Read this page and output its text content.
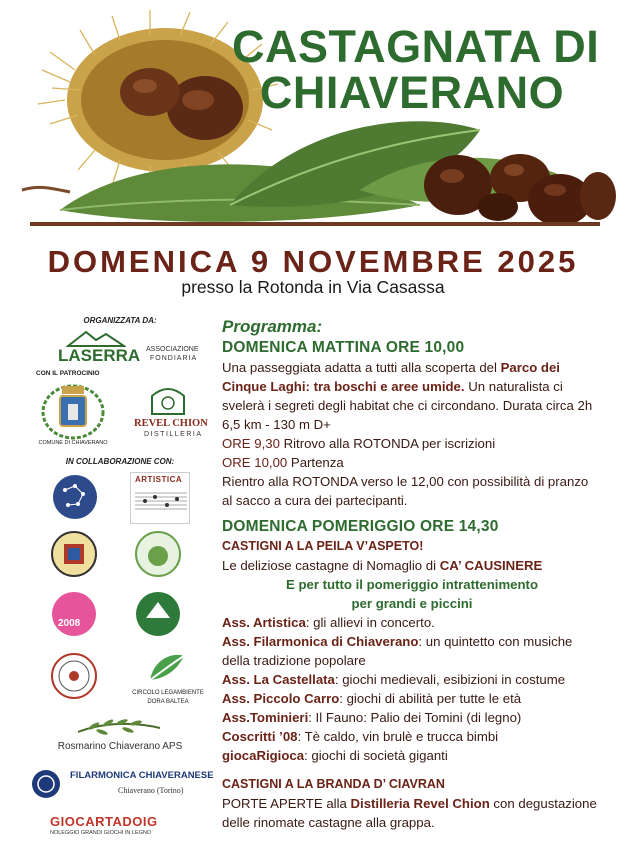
CASTAGNATA DI
CHIAVERANO
DOMENICA 9 NOVEMBRE 2025
presso la Rotonda in Via Casassa
ORGANIZZATA DA:
LASERRA ASSOCIAZIONE
FONDIARIA
CON IL PATROCINIO
COMUNE DI CHIAVERANO
REVEL CHION
DISTILLERIA
IN COLLABORAZIONE CON:
ARTISTICA
2008
CIRCOLO LEGAMBIENTE
DORA BALTEA
Rosmarino Chiaverano APS
FILARMONICA CHIAVERANESE
Chiaverano (Torino)
GIOCARTADOIG
NOLEGGIO GRANDI GIOCHI IN LEGNO
Programma:
DOMENICA MATTINA ORE 10,00
Una passeggiata adatta a tutti alla scoperta del Parco dei Cinque Laghi: tra boschi e aree umide. Un naturalista ci svelerà i segreti degli habitat che ci circondano. Durata circa 2h 6,5 km - 130 m D+
ORE 9,30 Ritrovo alla ROTONDA per iscrizioni
ORE 10,00 Partenza
Rientro alla ROTONDA verso le 12,00 con possibilità di pranzo al sacco a cura dei partecipanti.
DOMENICA POMERIGGIO ORE 14,30
CASTIGNI A LA PEILA V’ASPETO!
Le deliziose castagne di Nomaglio di CA’ CAUSINERE
E per tutto il pomeriggio intrattenimento
per grandi e piccini
Ass. Artistica: gli allievi in concerto.
Ass. Filarmonica di Chiaverano: un quintetto con musiche della tradizione popolare
Ass. La Castellata: giochi medievali, esibizioni in costume
Ass. Piccolo Carro: giochi di abilità per tutte le età
Ass.Tominieri: Il Fauno: Palio dei Tomini (di legno)
Coscritti ’08: Tè caldo, vin brulè e trucca bimbi
giocaRigioca: giochi di società giganti
CASTIGNI A LA BRANDA D’ CIAVRAN
PORTE APERTE alla Distilleria Revel Chion con degustazione delle rinomate castagne alla grappa.
